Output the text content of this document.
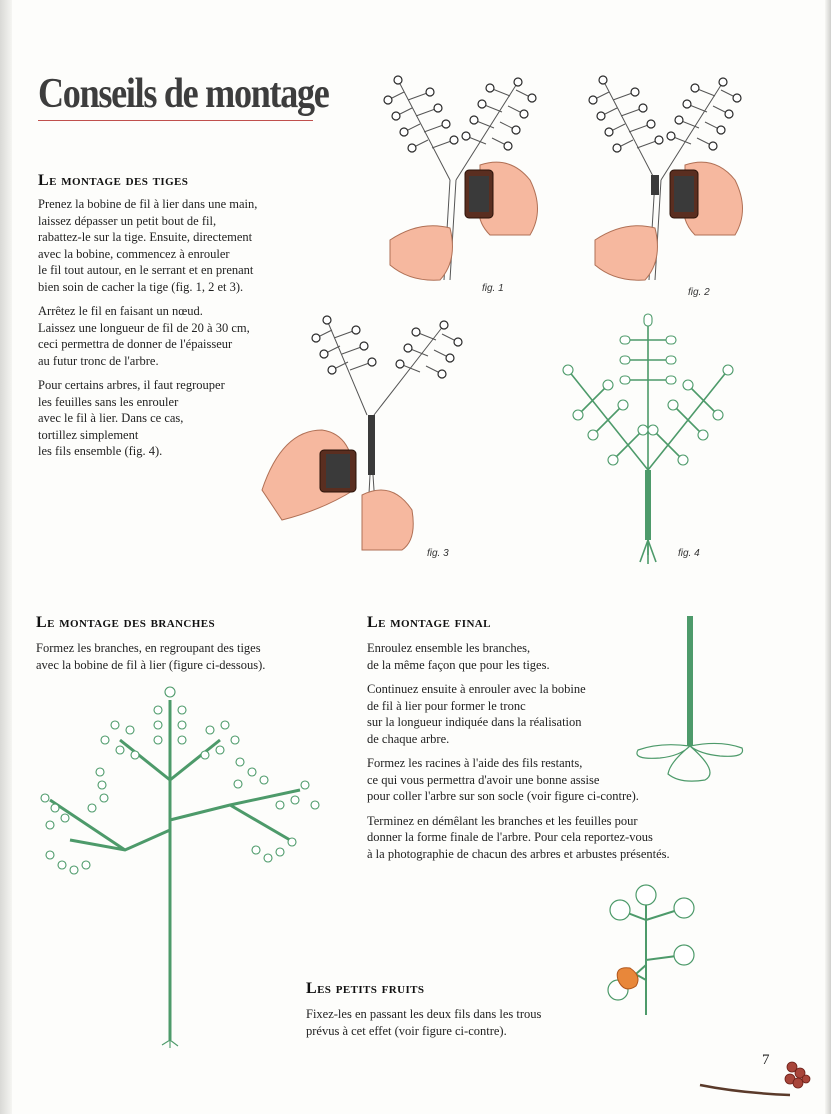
Conseils de montage
Le montage des tiges

Prenez la bobine de fil à lier dans une main,
laissez dépasser un petit bout de fil,
rabattez-le sur la tige. Ensuite, directement
avec la bobine, commencez à enrouler
le fil tout autour, en le serrant et en prenant
bien soin de cacher la tige (fig. 1, 2 et 3).

Arrêtez le fil en faisant un nœud.
Laissez une longueur de fil de 20 à 30 cm,
ceci permettra de donner de l'épaisseur
au futur tronc de l'arbre.

Pour certains arbres, il faut regrouper
les feuilles sans les enrouler
avec le fil à lier. Dans ce cas,
tortillez simplement
les fils ensemble (fig. 4).

fig. 1	fig. 2
fig. 3	fig. 4
Le montage des branches

Formez les branches, en regroupant des tiges
avec la bobine de fil à lier (figure ci-dessous).

Le montage final

Enroulez ensemble les branches,
de la même façon que pour les tiges.

Continuez ensuite à enrouler avec la bobine
de fil à lier pour former le tronc
sur la longueur indiquée dans la réalisation
de chaque arbre.

Formez les racines à l'aide des fils restants,
ce qui vous permettra d'avoir une bonne assise
pour coller l'arbre sur son socle (voir figure ci-contre).

Terminez en démêlant les branches et les feuilles pour
donner la forme finale de l'arbre. Pour cela reportez-vous
à la photographie de chacun des arbres et arbustes présentés.

Les petits fruits

Fixez-les en passant les deux fils dans les trous
prévus à cet effet (voir figure ci-contre).

7
